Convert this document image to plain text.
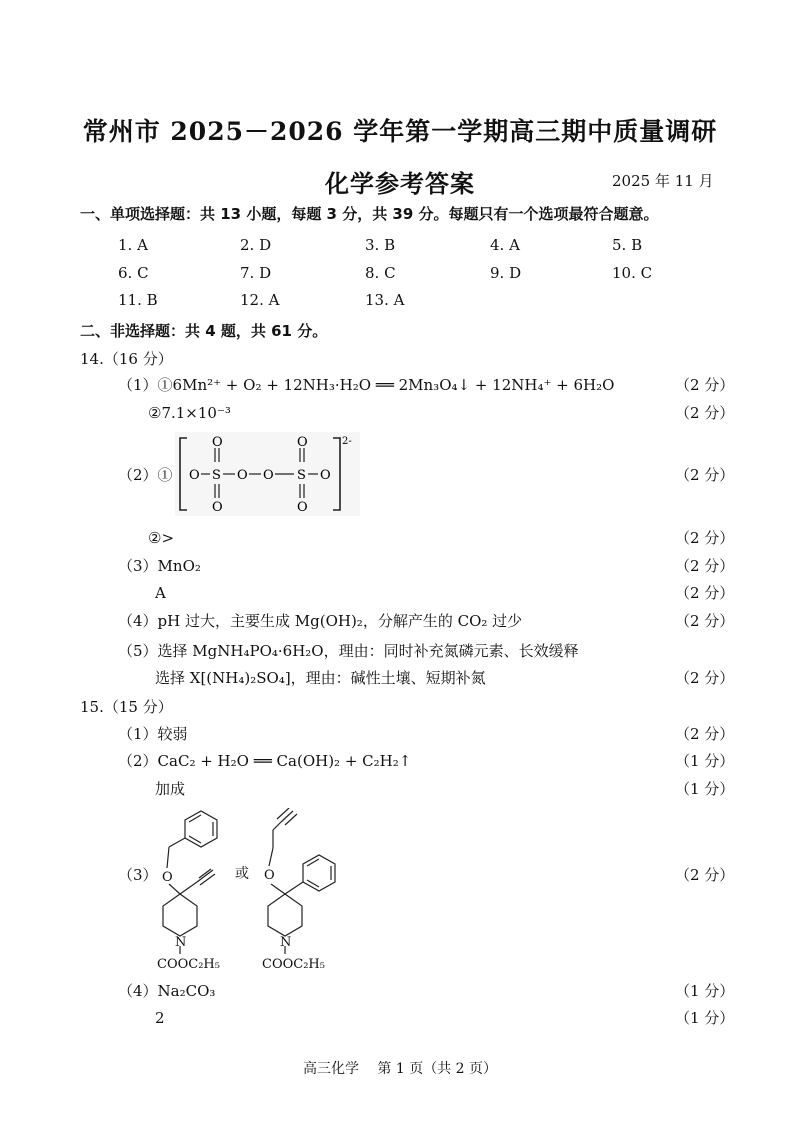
常州市 2025－2026 学年第一学期高三期中质量调研
化学参考答案	2025 年 11 月
一、单项选择题：共 13 小题，每题 3 分，共 39 分。每题只有一个选项最符合题意。
1. A	2. D	3. B	4. A	5. B
6. C	7. D	8. C	9. D	10. C
11. B	12. A	13. A
二、非选择题：共 4 题，共 61 分。
14.（16 分）
（1）①6Mn²⁺ + O₂ + 12NH₃·H₂O ══ 2Mn₃O₄↓ + 12NH₄⁺ + 6H₂O	（2 分）
②7.1×10⁻³	（2 分）
（2）①	（2 分）
2-
O	O
O S O O S O
O	O
②>	（2 分）
（3）MnO₂	（2 分）
A	（2 分）
（4）pH 过大，主要生成 Mg(OH)₂，分解产生的 CO₂ 过少	（2 分）
（5）选择 MgNH₄PO₄·6H₂O，理由：同时补充氮磷元素、长效缓释
选择 X[(NH₄)₂SO₄]，理由：碱性土壤、短期补氮	（2 分）
15.（15 分）
（1）较弱	（2 分）
（2）CaC₂ + H₂O ══ Ca(OH)₂ + C₂H₂↑	（1 分）
加成	（1 分）
（3）	（2 分）
O
N
COOC₂H₅
或 O
N
COOC₂H₅
（4）Na₂CO₃	（1 分）
2	（1 分）
高三化学　 第 1 页（共 2 页）
